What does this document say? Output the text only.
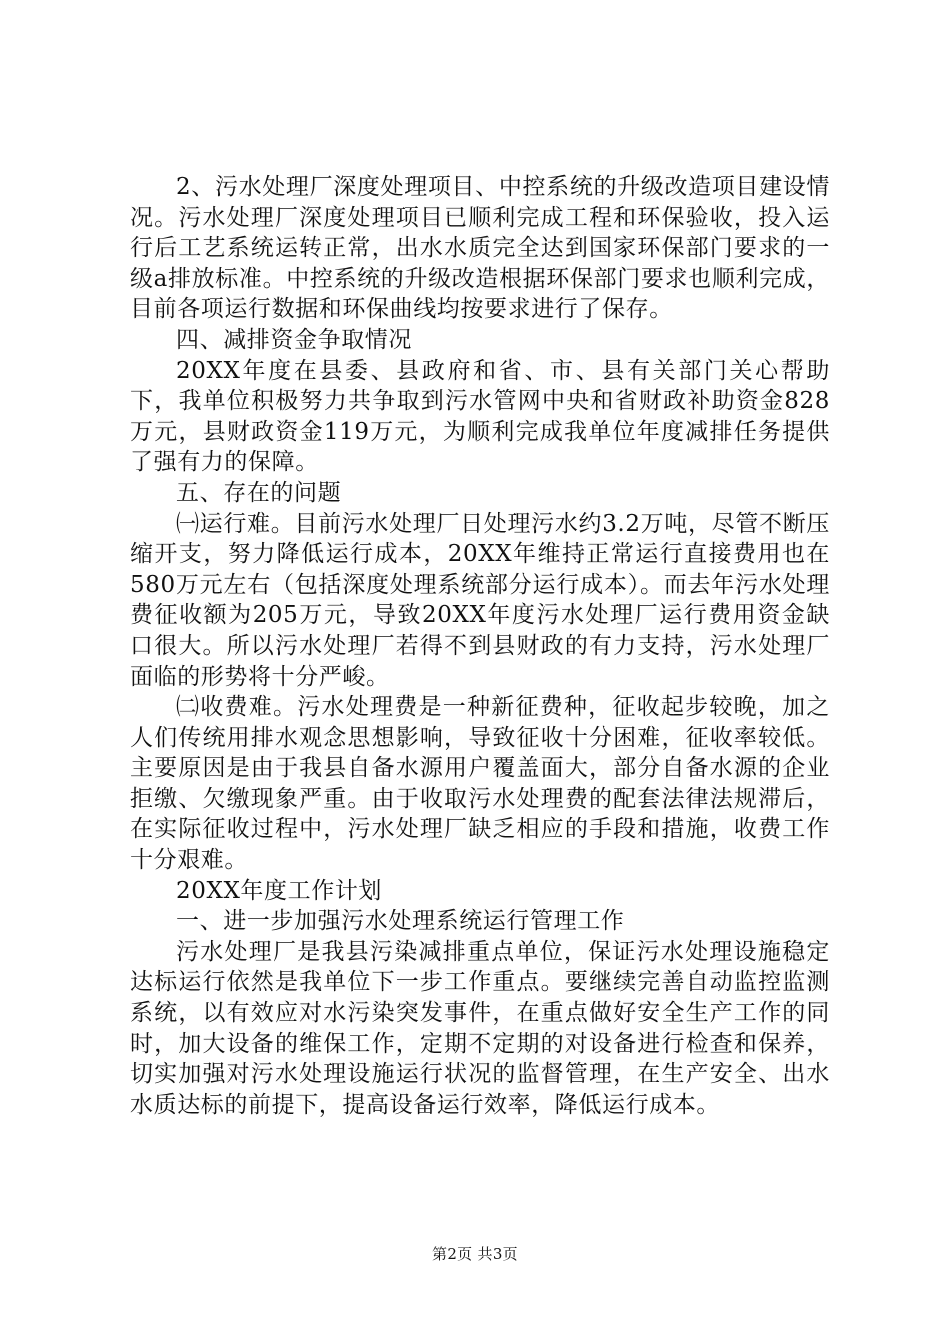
2、污水处理厂深度处理项目、中控系统的升级改造项目建设情况。污水处理厂深度处理项目已顺利完成工程和环保验收，投入运行后工艺系统运转正常，出水水质完全达到国家环保部门要求的一级a排放标准。中控系统的升级改造根据环保部门要求也顺利完成，目前各项运行数据和环保曲线均按要求进行了保存。

四、减排资金争取情况

20XX年度在县委、县政府和省、市、县有关部门关心帮助下，我单位积极努力共争取到污水管网中央和省财政补助资金828万元，县财政资金119万元，为顺利完成我单位年度减排任务提供了强有力的保障。

五、存在的问题

㈠运行难。目前污水处理厂日处理污水约3.2万吨，尽管不断压缩开支，努力降低运行成本，20XX年维持正常运行直接费用也在580万元左右（包括深度处理系统部分运行成本）。而去年污水处理费征收额为205万元，导致20XX年度污水处理厂运行费用资金缺口很大。所以污水处理厂若得不到县财政的有力支持，污水处理厂面临的形势将十分严峻。

㈡收费难。污水处理费是一种新征费种，征收起步较晚，加之人们传统用排水观念思想影响，导致征收十分困难，征收率较低。主要原因是由于我县自备水源用户覆盖面大，部分自备水源的企业拒缴、欠缴现象严重。由于收取污水处理费的配套法律法规滞后，在实际征收过程中，污水处理厂缺乏相应的手段和措施，收费工作十分艰难。

20XX年度工作计划

一、进一步加强污水处理系统运行管理工作

污水处理厂是我县污染减排重点单位，保证污水处理设施稳定达标运行依然是我单位下一步工作重点。要继续完善自动监控监测系统，以有效应对水污染突发事件，在重点做好安全生产工作的同时，加大设备的维保工作，定期不定期的对设备进行检查和保养，切实加强对污水处理设施运行状况的监督管理，在生产安全、出水水质达标的前提下，提高设备运行效率，降低运行成本。

第2页 共3页
